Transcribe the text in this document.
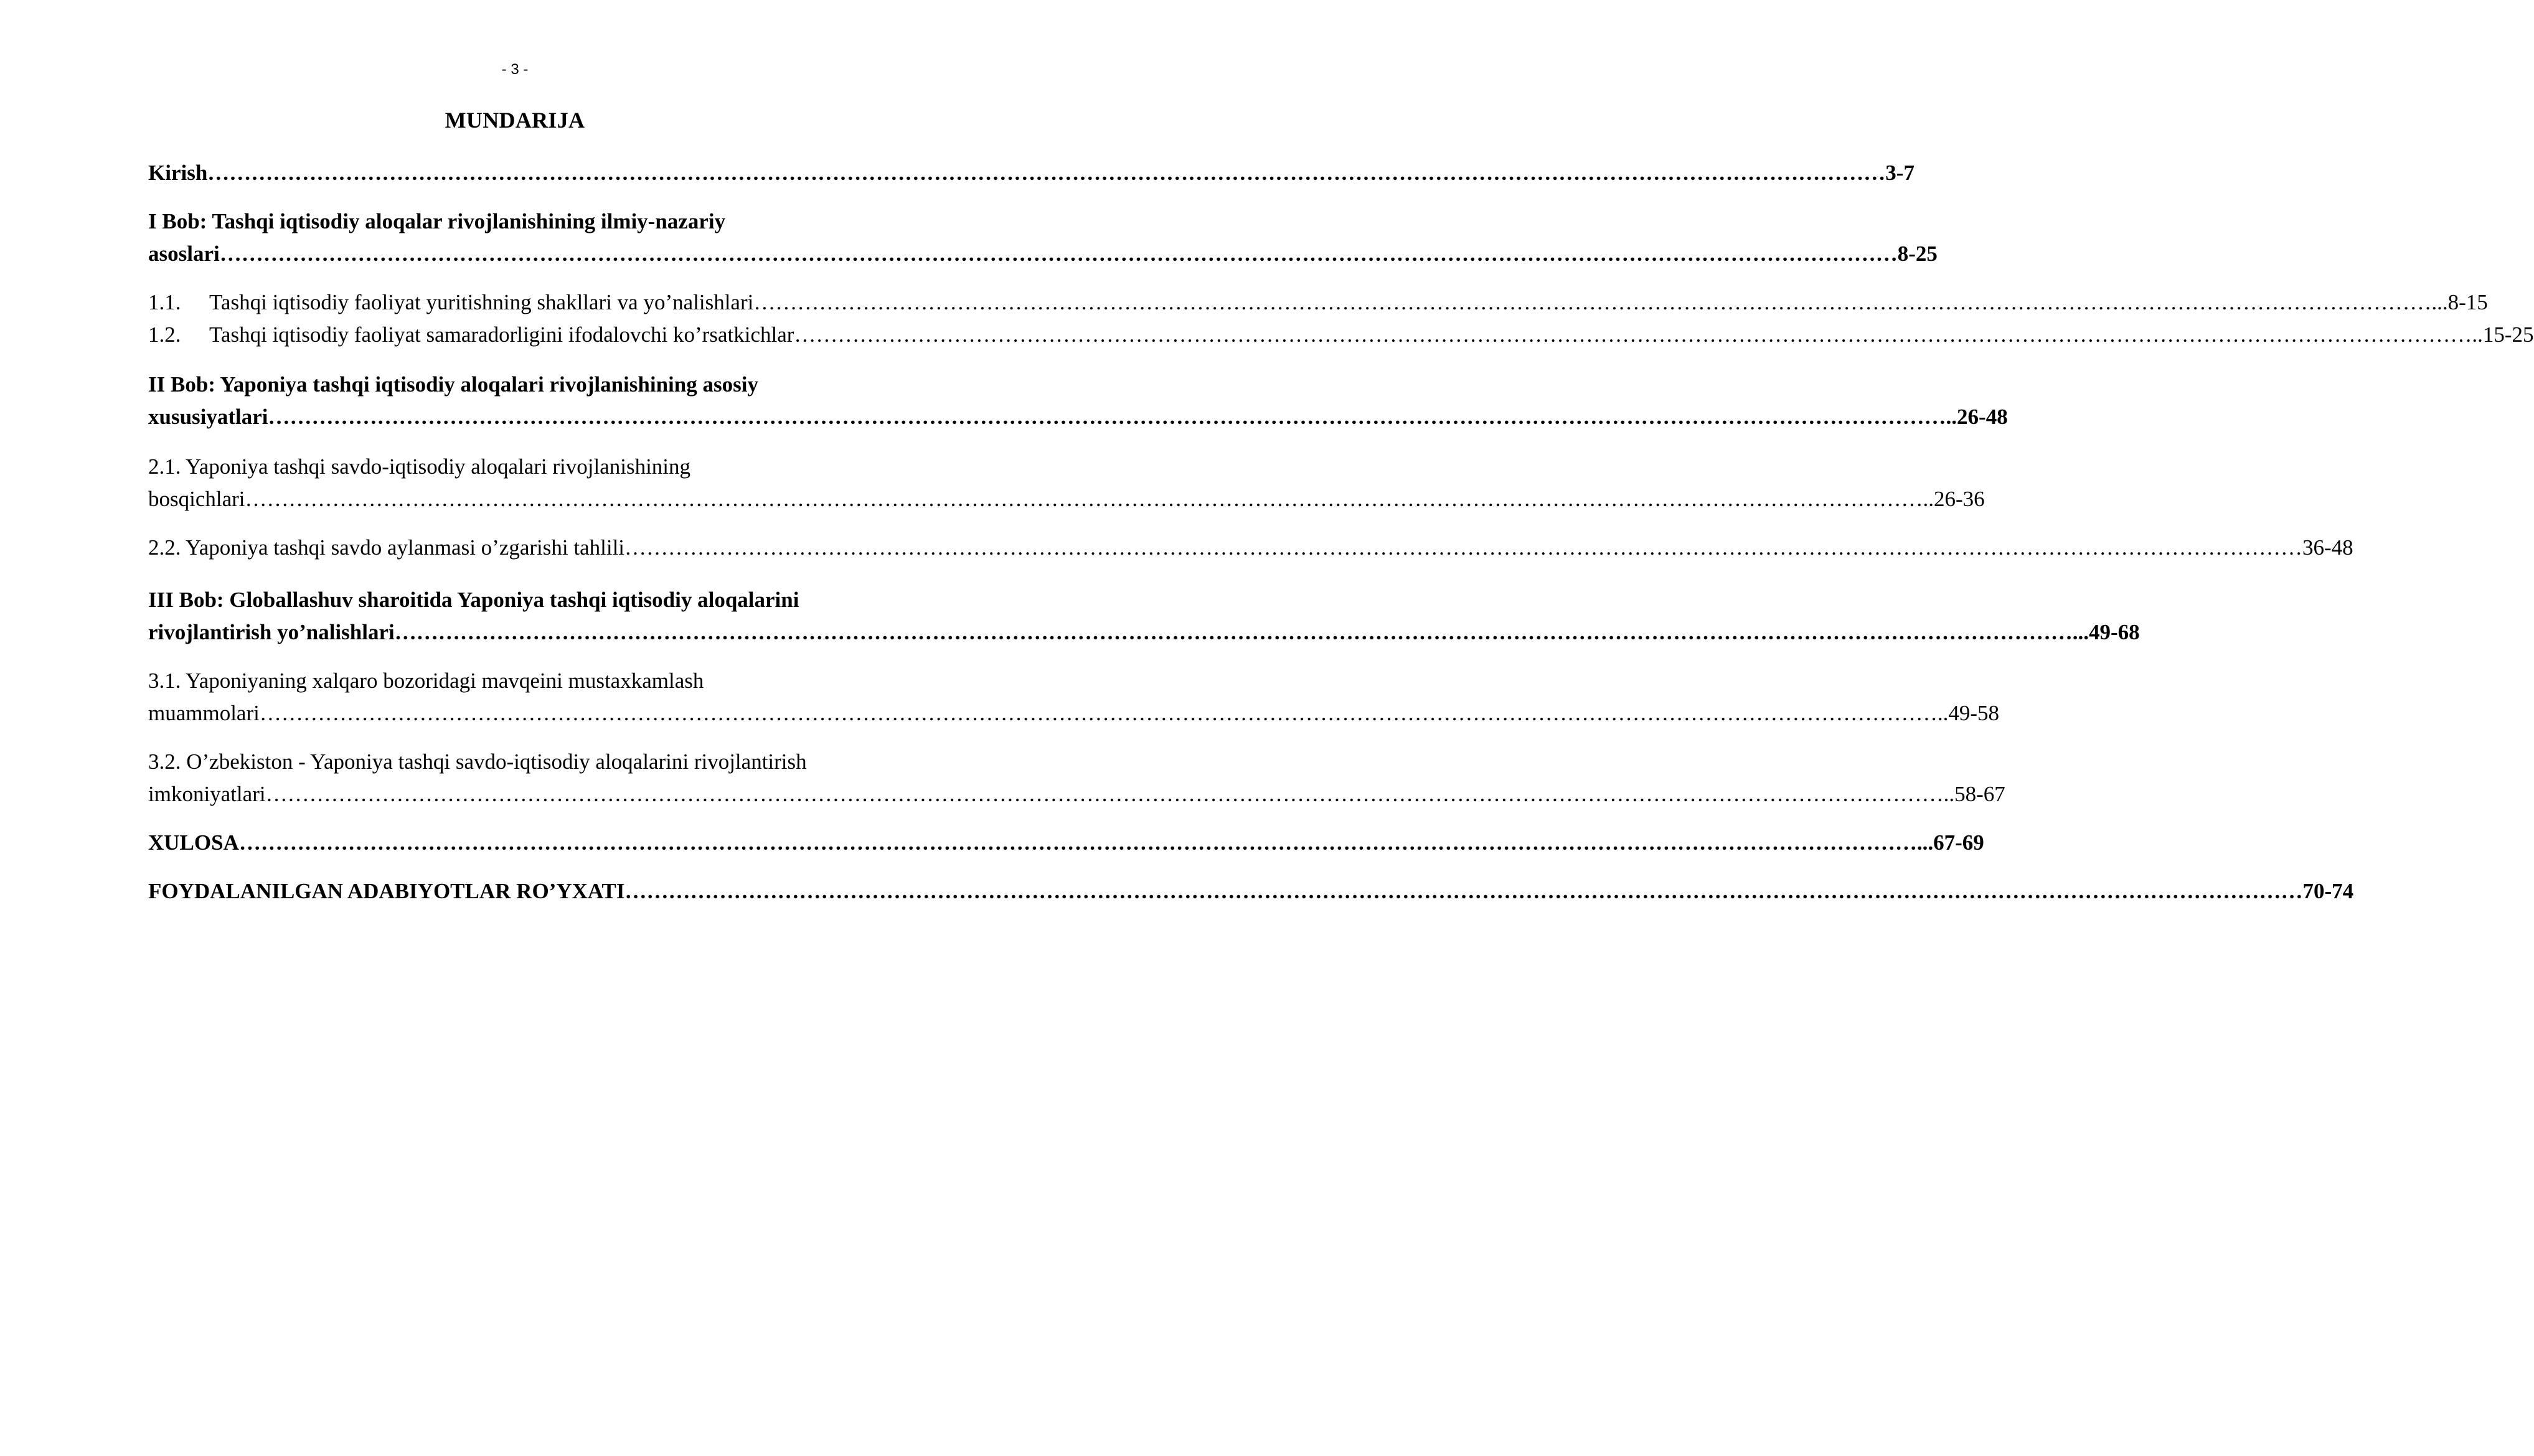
- 3 -
MUNDARIJA
Kirish …………………………………………………………………………………………………………………………………………………………………………………………………………… 3-7
I Bob: Tashqi iqtisodiy aloqalar rivojlanishining ilmiy-nazariy
asoslari …………………………………………………………………………………………………………………………………………………………………………………………………………… 8-25
1.1.	Tashqi iqtisodiy faoliyat yuritishning shakllari va yo’nalishlari …………………………………………………………………………………………………………………………………………………………………………………………………………… ...8-15
1.2.	Tashqi iqtisodiy faoliyat samaradorligini ifodalovchi ko’rsatkichlar …………………………………………………………………………………………………………………………………………………………………………………………………………… ..15-25
II Bob: Yaponiya tashqi iqtisodiy aloqalari rivojlanishining asosiy
xususiyatlari …………………………………………………………………………………………………………………………………………………………………………………………………………… ..26-48
2.1. Yaponiya tashqi savdo-iqtisodiy aloqalari rivojlanishining
bosqichlari …………………………………………………………………………………………………………………………………………………………………………………………………………… ..26-36
2.2. Yaponiya tashqi savdo aylanmasi o’zgarishi tahlili …………………………………………………………………………………………………………………………………………………………………………………………………………… 36-48
III Bob: Globallashuv sharoitida Yaponiya tashqi iqtisodiy aloqalarini
rivojlantirish yo’nalishlari …………………………………………………………………………………………………………………………………………………………………………………………………………… ...49-68
3.1. Yaponiyaning xalqaro bozoridagi mavqeini mustaxkamlash
muammolari …………………………………………………………………………………………………………………………………………………………………………………………………………… ..49-58
3.2. O’zbekiston - Yaponiya tashqi savdo-iqtisodiy aloqalarini rivojlantirish
imkoniyatlari …………………………………………………………………………………………………………………………………………………………………………………………………………… ..58-67
XULOSA …………………………………………………………………………………………………………………………………………………………………………………………………………… ...67-69
FOYDALANILGAN ADABIYOTLAR RO’YXATI …………………………………………………………………………………………………………………………………………………………………………………………………………… 70-74
